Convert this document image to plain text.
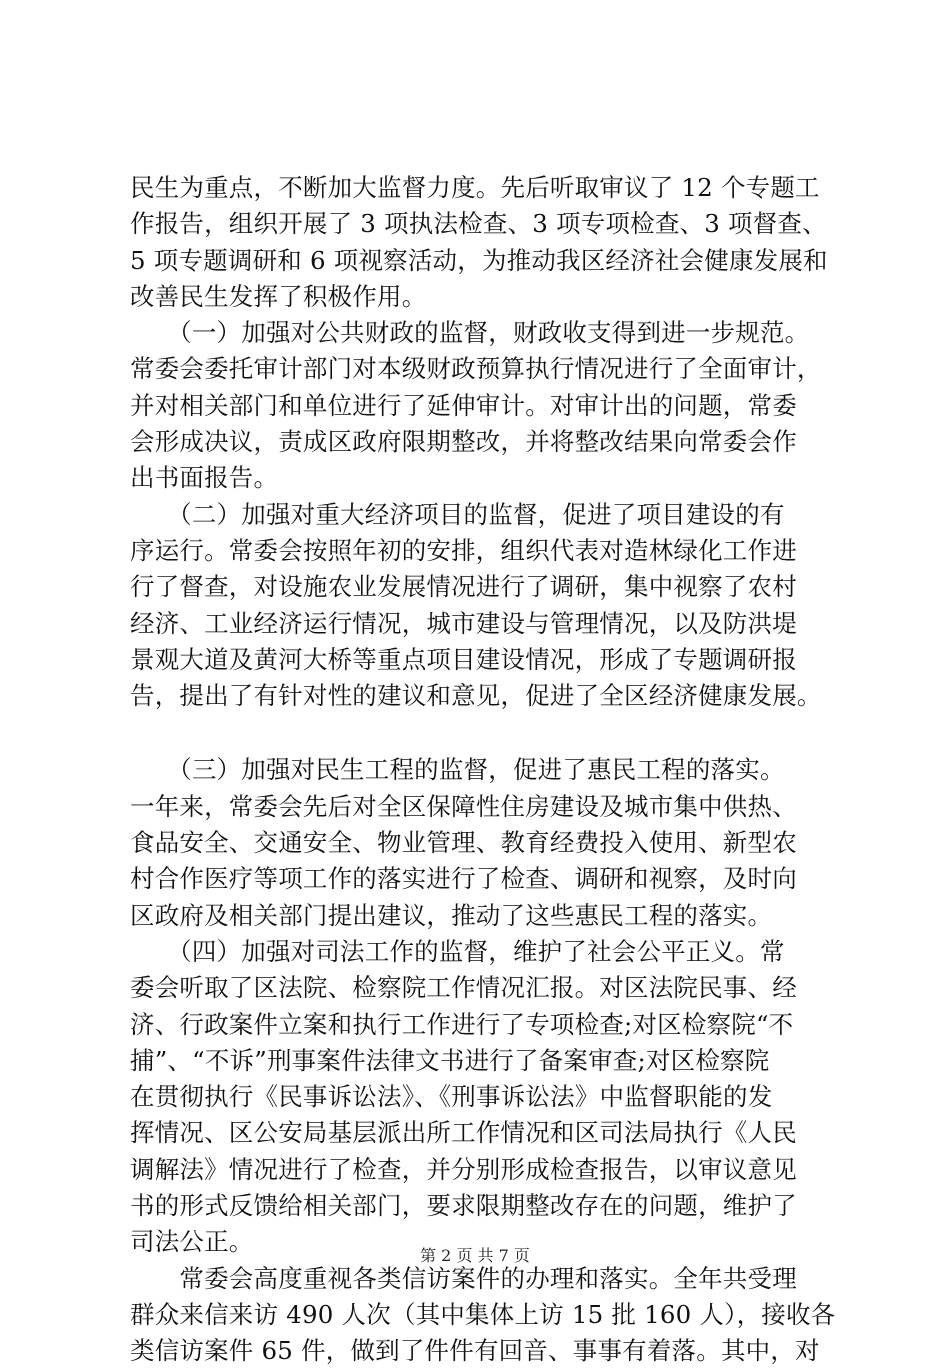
民生为重点，不断加大监督力度。先后听取审议了 12 个专题工
作报告，组织开展了 3 项执法检查、3 项专项检查、3 项督查、
5 项专题调研和 6 项视察活动，为推动我区经济社会健康发展和
改善民生发挥了积极作用。
　　（一）加强对公共财政的监督，财政收支得到进一步规范。
常委会委托审计部门对本级财政预算执行情况进行了全面审计，
并对相关部门和单位进行了延伸审计。对审计出的问题，常委
会形成决议，责成区政府限期整改，并将整改结果向常委会作
出书面报告。
　　（二）加强对重大经济项目的监督，促进了项目建设的有
序运行。常委会按照年初的安排，组织代表对造林绿化工作进
行了督查，对设施农业发展情况进行了调研，集中视察了农村
经济、工业经济运行情况，城市建设与管理情况，以及防洪堤
景观大道及黄河大桥等重点项目建设情况，形成了专题调研报
告，提出了有针对性的建议和意见，促进了全区经济健康发展。
　　（三）加强对民生工程的监督，促进了惠民工程的落实。
一年来，常委会先后对全区保障性住房建设及城市集中供热、
食品安全、交通安全、物业管理、教育经费投入使用、新型农
村合作医疗等项工作的落实进行了检查、调研和视察，及时向
区政府及相关部门提出建议，推动了这些惠民工程的落实。
　　（四）加强对司法工作的监督，维护了社会公平正义。常
委会听取了区法院、检察院工作情况汇报。对区法院民事、经
济、行政案件立案和执行工作进行了专项检查;对区检察院“不
捕”、“不诉”刑事案件法律文书进行了备案审查;对区检察院
在贯彻执行《民事诉讼法》、《刑事诉讼法》中监督职能的发
挥情况、区公安局基层派出所工作情况和区司法局执行《人民
调解法》情况进行了检查，并分别形成检查报告，以审议意见
书的形式反馈给相关部门，要求限期整改存在的问题，维护了
司法公正。
　　常委会高度重视各类信访案件的办理和落实。全年共受理
群众来信来访 490 人次（其中集体上访 15 批 160 人），接收各
类信访案件 65 件，做到了件件有回音、事事有着落。其中，对
第 2 页 共 7 页
